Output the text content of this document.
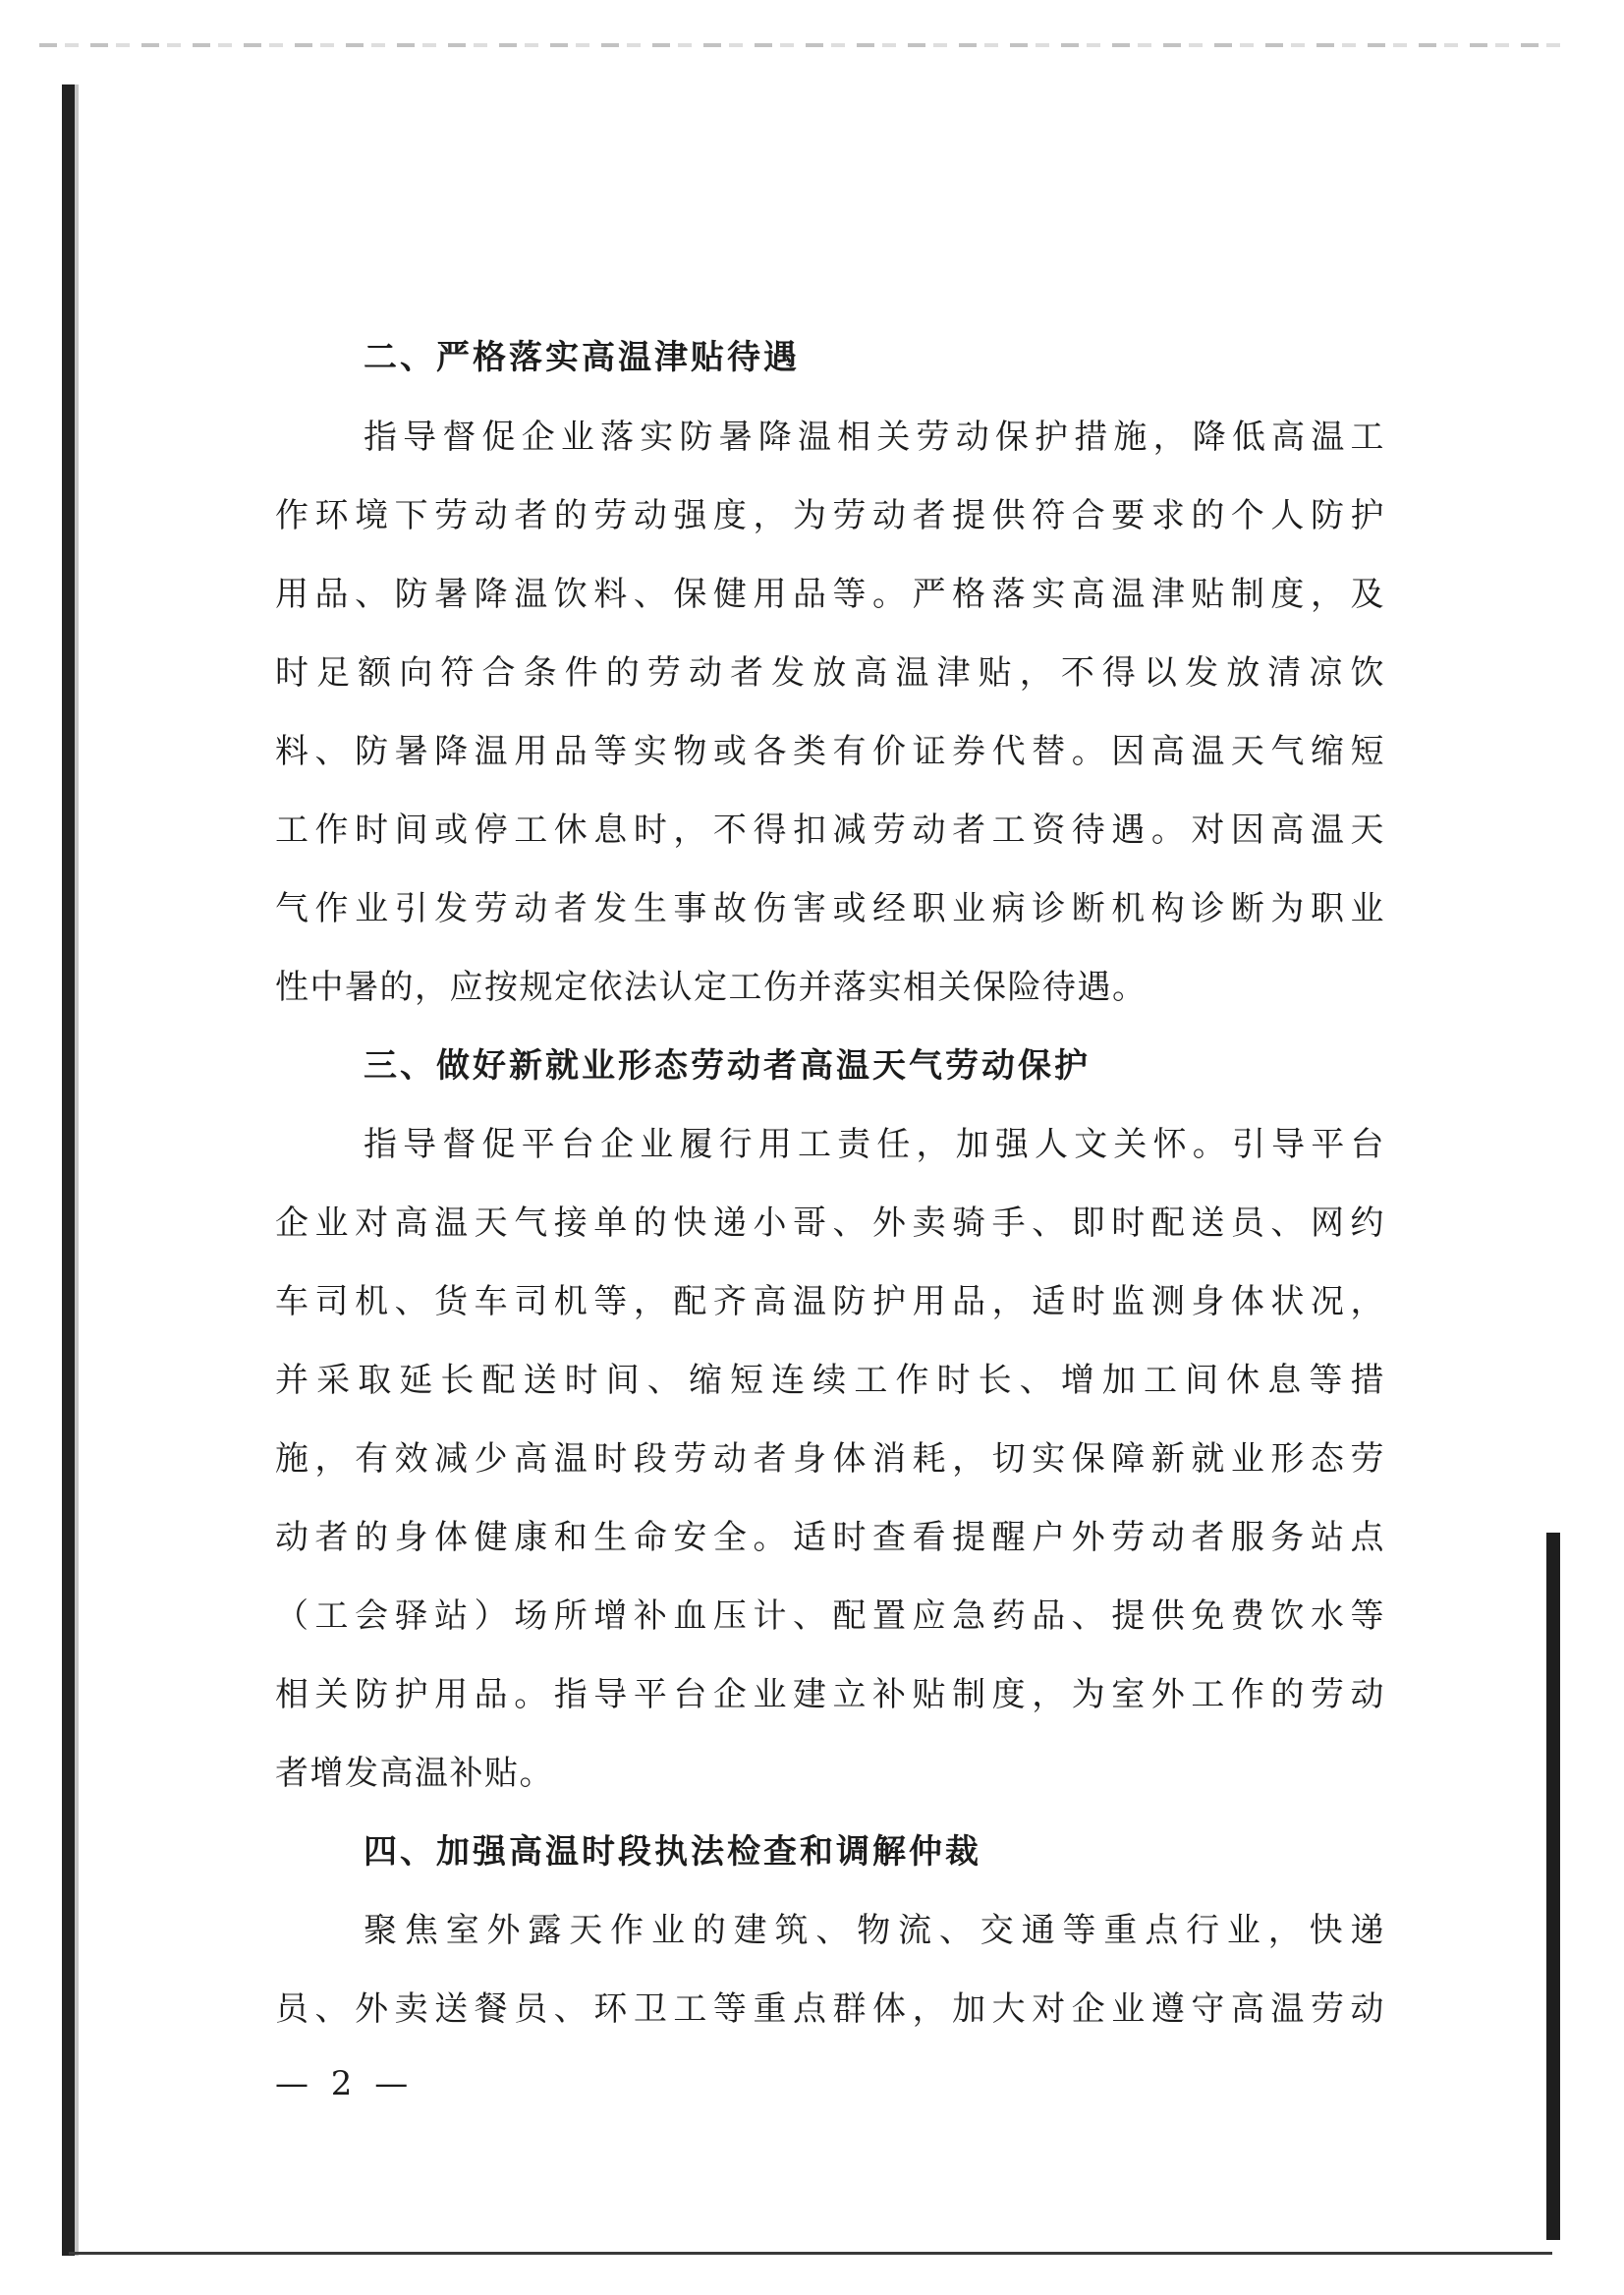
二、严格落实高温津贴待遇
指导督促企业落实防暑降温相关劳动保护措施，降低高温工
作环境下劳动者的劳动强度，为劳动者提供符合要求的个人防护
用品、防暑降温饮料、保健用品等。严格落实高温津贴制度，及
时足额向符合条件的劳动者发放高温津贴，不得以发放清凉饮
料、防暑降温用品等实物或各类有价证券代替。因高温天气缩短
工作时间或停工休息时，不得扣减劳动者工资待遇。对因高温天
气作业引发劳动者发生事故伤害或经职业病诊断机构诊断为职业
性中暑的，应按规定依法认定工伤并落实相关保险待遇。
三、做好新就业形态劳动者高温天气劳动保护
指导督促平台企业履行用工责任，加强人文关怀。引导平台
企业对高温天气接单的快递小哥、外卖骑手、即时配送员、网约
车司机、货车司机等，配齐高温防护用品，适时监测身体状况，
并采取延长配送时间、缩短连续工作时长、增加工间休息等措
施，有效减少高温时段劳动者身体消耗，切实保障新就业形态劳
动者的身体健康和生命安全。适时查看提醒户外劳动者服务站点
（工会驿站）场所增补血压计、配置应急药品、提供免费饮水等
相关防护用品。指导平台企业建立补贴制度，为室外工作的劳动
者增发高温补贴。
四、加强高温时段执法检查和调解仲裁
聚焦室外露天作业的建筑、物流、交通等重点行业，快递
员、外卖送餐员、环卫工等重点群体，加大对企业遵守高温劳动
— 2 —
